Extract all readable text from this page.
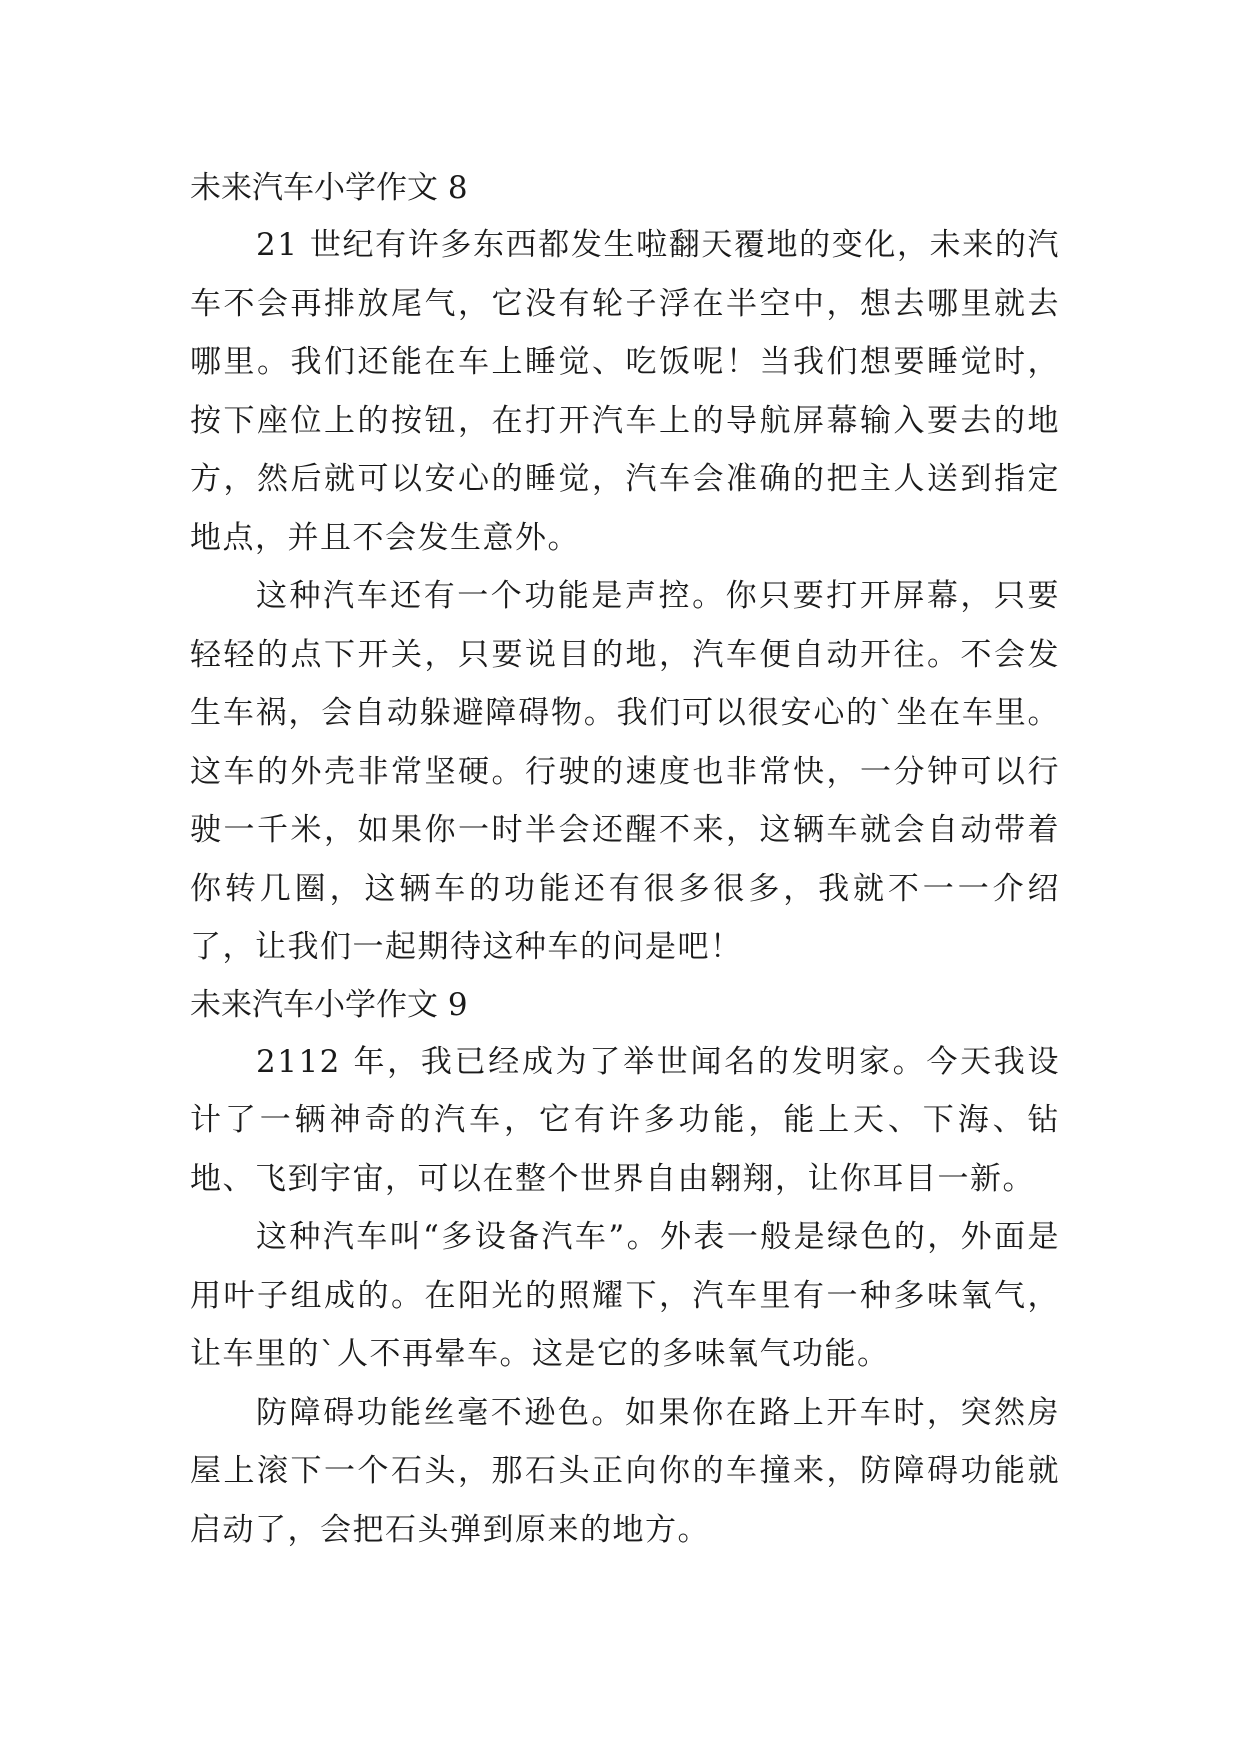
未来汽车小学作文 8

21 世纪有许多东西都发生啦翻天覆地的变化，未来的汽车不会再排放尾气，它没有轮子浮在半空中，想去哪里就去哪里。我们还能在车上睡觉、吃饭呢！当我们想要睡觉时，按下座位上的按钮，在打开汽车上的导航屏幕输入要去的地方，然后就可以安心的睡觉，汽车会准确的把主人送到指定地点，并且不会发生意外。

这种汽车还有一个功能是声控。你只要打开屏幕，只要轻轻的点下开关，只要说目的地，汽车便自动开往。不会发生车祸，会自动躲避障碍物。我们可以很安心的`坐在车里。这车的外壳非常坚硬。行驶的速度也非常快，一分钟可以行驶一千米，如果你一时半会还醒不来，这辆车就会自动带着你转几圈，这辆车的功能还有很多很多，我就不一一介绍了，让我们一起期待这种车的问是吧！

未来汽车小学作文 9

2112 年，我已经成为了举世闻名的发明家。今天我设计了一辆神奇的汽车，它有许多功能，能上天、下海、钻地、飞到宇宙，可以在整个世界自由翱翔，让你耳目一新。

这种汽车叫“多设备汽车”。外表一般是绿色的，外面是用叶子组成的。在阳光的照耀下，汽车里有一种多味氧气，让车里的`人不再晕车。这是它的多味氧气功能。

防障碍功能丝毫不逊色。如果你在路上开车时，突然房屋上滚下一个石头，那石头正向你的车撞来，防障碍功能就启动了，会把石头弹到原来的地方。
